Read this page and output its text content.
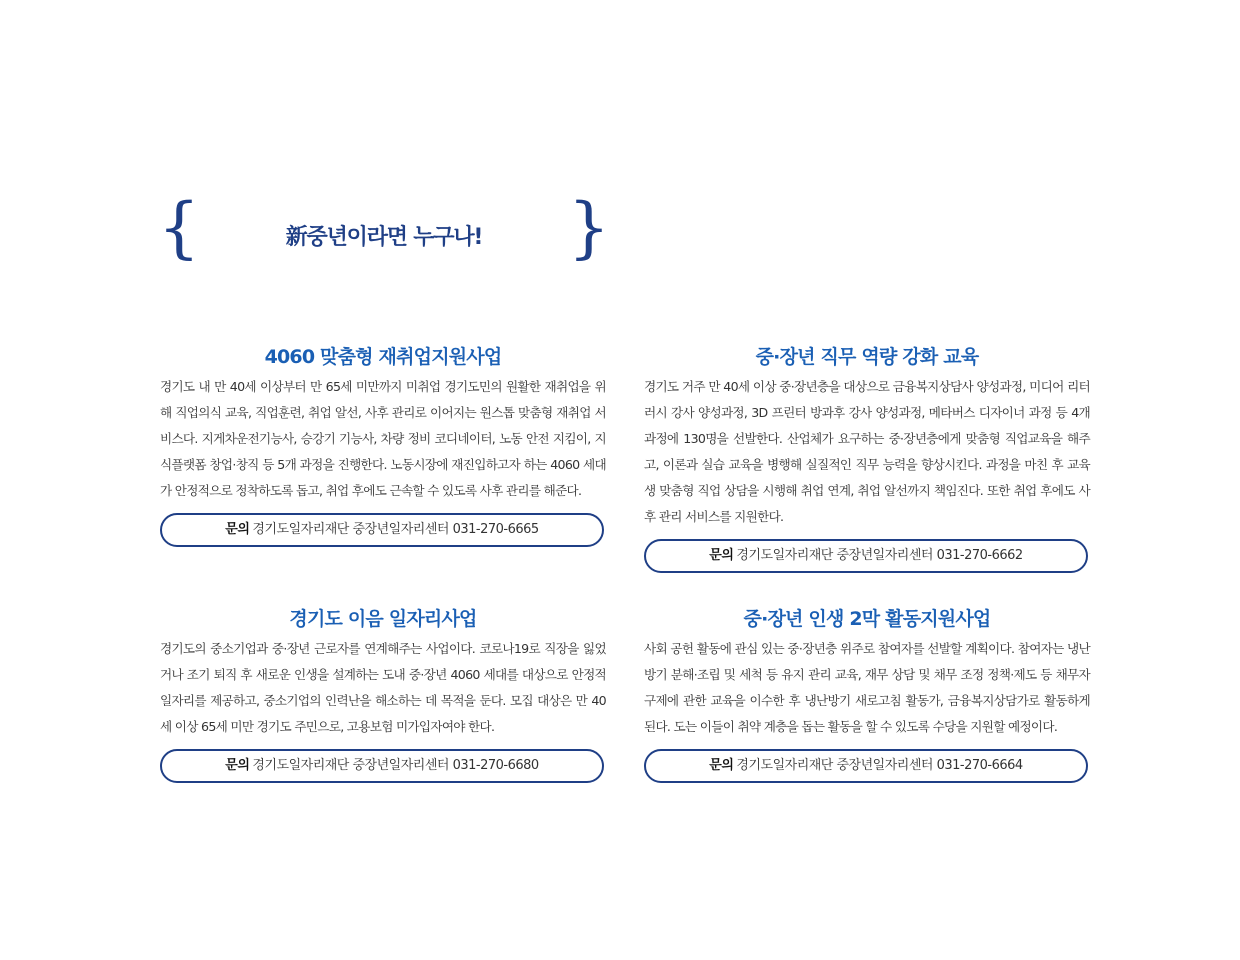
{	新중년이라면 누구나!	}
4060 맞춤형 재취업지원사업

경기도 내 만 40세 이상부터 만 65세 미만까지 미취업 경기도민의 원활한 재취업을 위해 직업의식 교육, 직업훈련, 취업 알선, 사후 관리로 이어지는 원스톱 맞춤형 재취업 서비스다. 지게차운전기능사, 승강기 기능사, 차량 정비 코디네이터, 노동 안전 지킴이, 지식플랫폼 창업·창직 등 5개 과정을 진행한다. 노동시장에 재진입하고자 하는 4060 세대가 안정적으로 정착하도록 돕고, 취업 후에도 근속할 수 있도록 사후 관리를 해준다.

문의 경기도일자리재단 중장년일자리센터 031-270-6665
중·장년 직무 역량 강화 교육

경기도 거주 만 40세 이상 중·장년층을 대상으로 금융복지상담사 양성과정, 미디어 리터러시 강사 양성과정, 3D 프린터 방과후 강사 양성과정, 메타버스 디자이너 과정 등 4개 과정에 130명을 선발한다. 산업체가 요구하는 중·장년층에게 맞춤형 직업교육을 해주고, 이론과 실습 교육을 병행해 실질적인 직무 능력을 향상시킨다. 과정을 마친 후 교육생 맞춤형 직업 상담을 시행해 취업 연계, 취업 알선까지 책임진다. 또한 취업 후에도 사후 관리 서비스를 지원한다.

문의 경기도일자리재단 중장년일자리센터 031-270-6662
경기도 이음 일자리사업

경기도의 중소기업과 중·장년 근로자를 연계해주는 사업이다. 코로나19로 직장을 잃었거나 조기 퇴직 후 새로운 인생을 설계하는 도내 중·장년 4060 세대를 대상으로 안정적 일자리를 제공하고, 중소기업의 인력난을 해소하는 데 목적을 둔다. 모집 대상은 만 40세 이상 65세 미만 경기도 주민으로, 고용보험 미가입자여야 한다.

문의 경기도일자리재단 중장년일자리센터 031-270-6680
중·장년 인생 2막 활동지원사업

사회 공헌 활동에 관심 있는 중·장년층 위주로 참여자를 선발할 계획이다. 참여자는 냉난방기 분해·조립 및 세척 등 유지 관리 교육, 재무 상담 및 채무 조정 정책·제도 등 채무자 구제에 관한 교육을 이수한 후 냉난방기 새로고침 활동가, 금융복지상담가로 활동하게 된다. 도는 이들이 취약 계층을 돕는 활동을 할 수 있도록 수당을 지원할 예정이다.

문의 경기도일자리재단 중장년일자리센터 031-270-6664
